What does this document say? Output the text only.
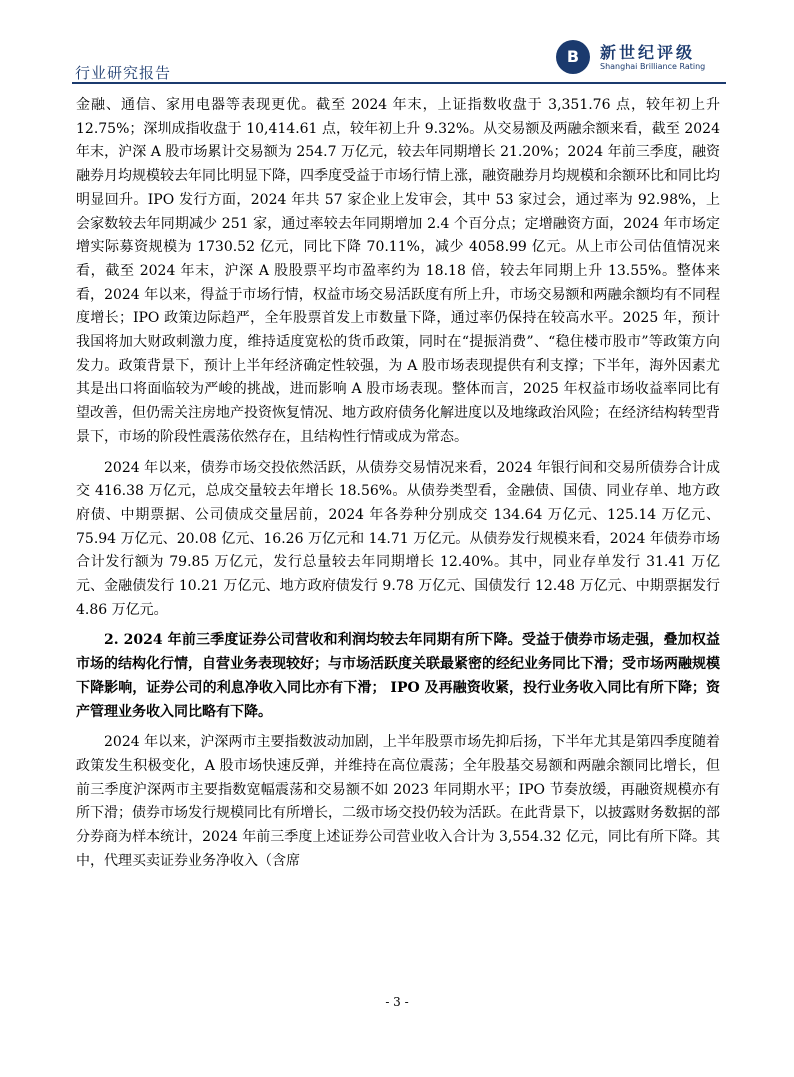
行业研究报告
B	新世纪评级
Shanghai Brilliance Rating

金融、通信、家用电器等表现更优。截至 2024 年末，上证指数收盘于 3,351.76 点，较年初上升 12.75%；深圳成指收盘于 10,414.61 点，较年初上升 9.32%。从交易额及两融余额来看，截至 2024 年末，沪深 A 股市场累计交易额为 254.7 万亿元，较去年同期增长 21.20%；2024 年前三季度，融资融券月均规模较去年同比明显下降，四季度受益于市场行情上涨，融资融券月均规模和余额环比和同比均明显回升。IPO 发行方面，2024 年共 57 家企业上发审会，其中 53 家过会，通过率为 92.98%，上会家数较去年同期减少 251 家，通过率较去年同期增加 2.4 个百分点；定增融资方面，2024 年市场定增实际募资规模为 1730.52 亿元，同比下降 70.11%，减少 4058.99 亿元。从上市公司估值情况来看，截至 2024 年末，沪深 A 股股票平均市盈率约为 18.18 倍，较去年同期上升 13.55%。整体来看，2024 年以来，得益于市场行情，权益市场交易活跃度有所上升，市场交易额和两融余额均有不同程度增长；IPO 政策边际趋严，全年股票首发上市数量下降，通过率仍保持在较高水平。2025 年，预计我国将加大财政刺激力度，维持适度宽松的货币政策，同时在“提振消费”、“稳住楼市股市”等政策方向发力。政策背景下，预计上半年经济确定性较强，为 A 股市场表现提供有利支撑；下半年，海外因素尤其是出口将面临较为严峻的挑战，进而影响 A 股市场表现。整体而言，2025 年权益市场收益率同比有望改善，但仍需关注房地产投资恢复情况、地方政府债务化解进度以及地缘政治风险；在经济结构转型背景下，市场的阶段性震荡依然存在，且结构性行情或成为常态。

2024 年以来，债券市场交投依然活跃，从债券交易情况来看，2024 年银行间和交易所债券合计成交 416.38 万亿元，总成交量较去年增长 18.56%。从债券类型看，金融债、国债、同业存单、地方政府债、中期票据、公司债成交量居前，2024 年各券种分别成交 134.64 万亿元、125.14 万亿元、75.94 万亿元、20.08 亿元、16.26 万亿元和 14.71 万亿元。从债券发行规模来看，2024 年债券市场合计发行额为 79.85 万亿元，发行总量较去年同期增长 12.40%。其中，同业存单发行 31.41 万亿元、金融债发行 10.21 万亿元、地方政府债发行 9.78 万亿元、国债发行 12.48 万亿元、中期票据发行 4.86 万亿元。

2. 2024 年前三季度证券公司营收和利润均较去年同期有所下降。受益于债券市场走强，叠加权益市场的结构化行情，自营业务表现较好；与市场活跃度关联最紧密的经纪业务同比下滑；受市场两融规模下降影响，证券公司的利息净收入同比亦有下滑； IPO 及再融资收紧，投行业务收入同比有所下降；资产管理业务收入同比略有下降。

2024 年以来，沪深两市主要指数波动加剧，上半年股票市场先抑后扬，下半年尤其是第四季度随着政策发生积极变化，A 股市场快速反弹，并维持在高位震荡；全年股基交易额和两融余额同比增长，但前三季度沪深两市主要指数宽幅震荡和交易额不如 2023 年同期水平；IPO 节奏放缓，再融资规模亦有所下滑；债券市场发行规模同比有所增长，二级市场交投仍较为活跃。在此背景下，以披露财务数据的部分券商为样本统计，2024 年前三季度上述证券公司营业收入合计为 3,554.32 亿元，同比有所下降。其中，代理买卖证券业务净收入（含席

- 3 -
